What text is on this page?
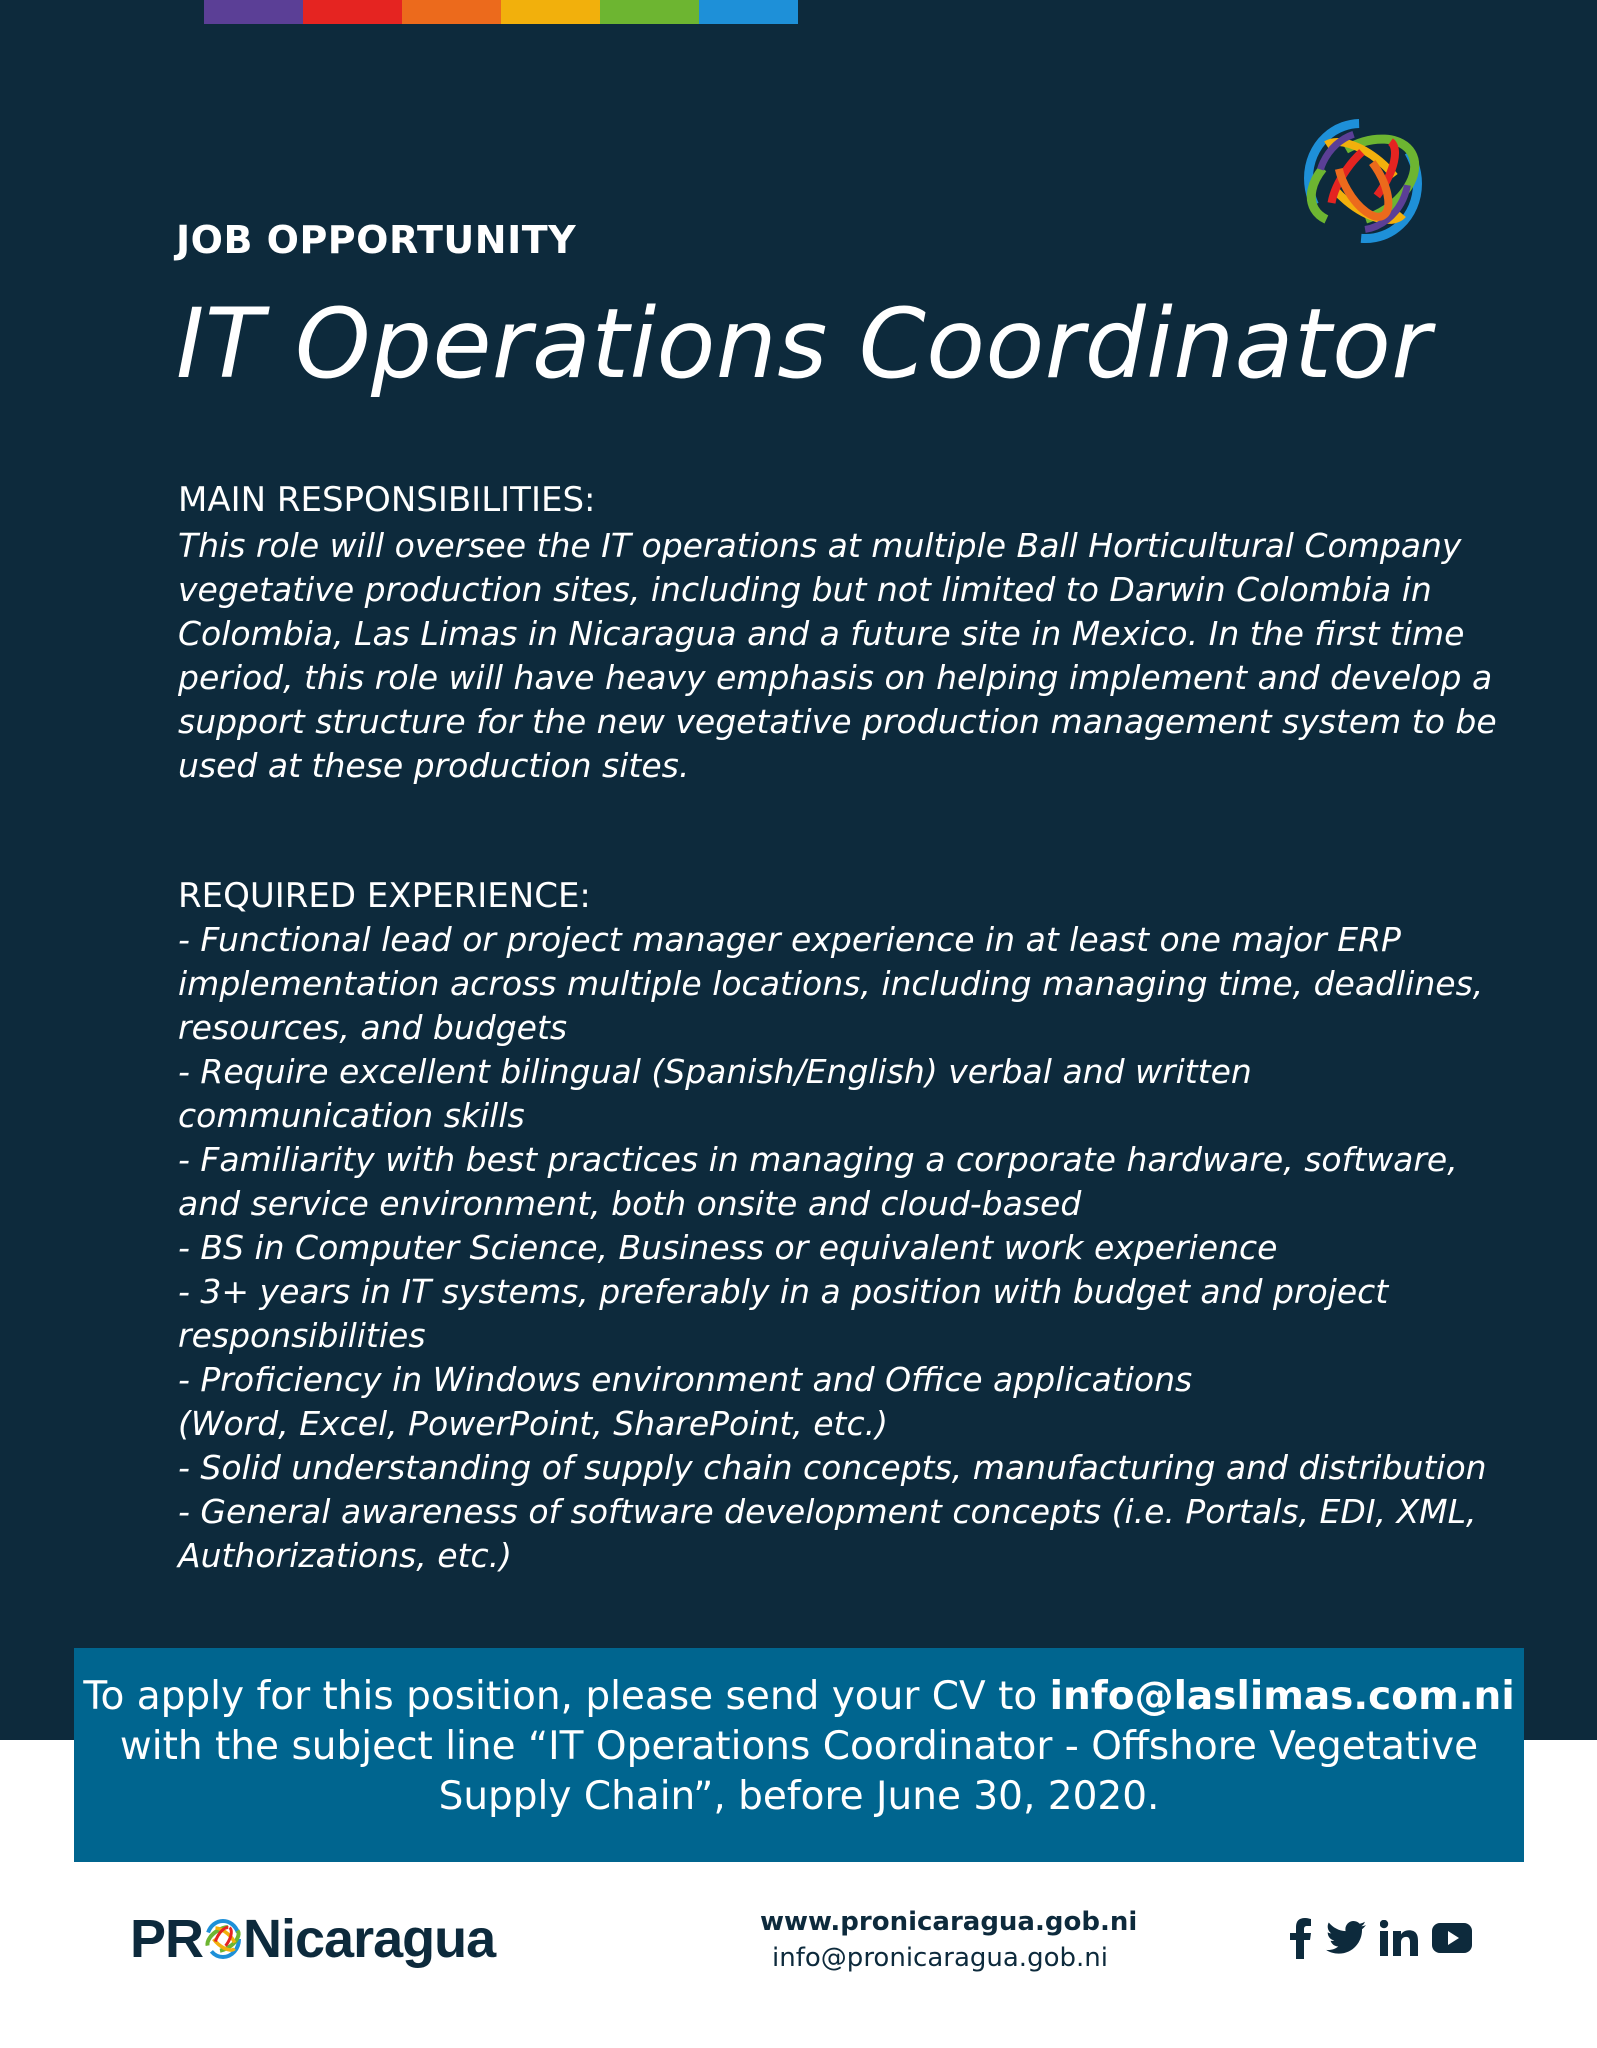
JOB OPPORTUNITY
IT Operations Coordinator
MAIN RESPONSIBILITIES:
This role will oversee the IT operations at multiple Ball Horticultural Company
vegetative production sites, including but not limited to Darwin Colombia in
Colombia, Las Limas in Nicaragua and a future site in Mexico. In the first time
period, this role will have heavy emphasis on helping implement and develop a
support structure for the new vegetative production management system to be
used at these production sites.
REQUIRED EXPERIENCE:
- Functional lead or project manager experience in at least one major ERP
implementation across multiple locations, including managing time, deadlines,
resources, and budgets
- Require excellent bilingual (Spanish/English) verbal and written
communication skills
- Familiarity with best practices in managing a corporate hardware, software,
and service environment, both onsite and cloud-based
- BS in Computer Science, Business or equivalent work experience
- 3+ years in IT systems, preferably in a position with budget and project
responsibilities
- Proficiency in Windows environment and Office applications
(Word, Excel, PowerPoint, SharePoint, etc.)
- Solid understanding of supply chain concepts, manufacturing and distribution
- General awareness of software development concepts (i.e. Portals, EDI, XML,
Authorizations, etc.)
To apply for this position, please send your CV to info@laslimas.com.ni
with the subject line “IT Operations Coordinator - Offshore Vegetative
Supply Chain”, before June 30, 2020.
PR Nicaragua	www.pronicaragua.gob.ni
info@pronicaragua.gob.ni
